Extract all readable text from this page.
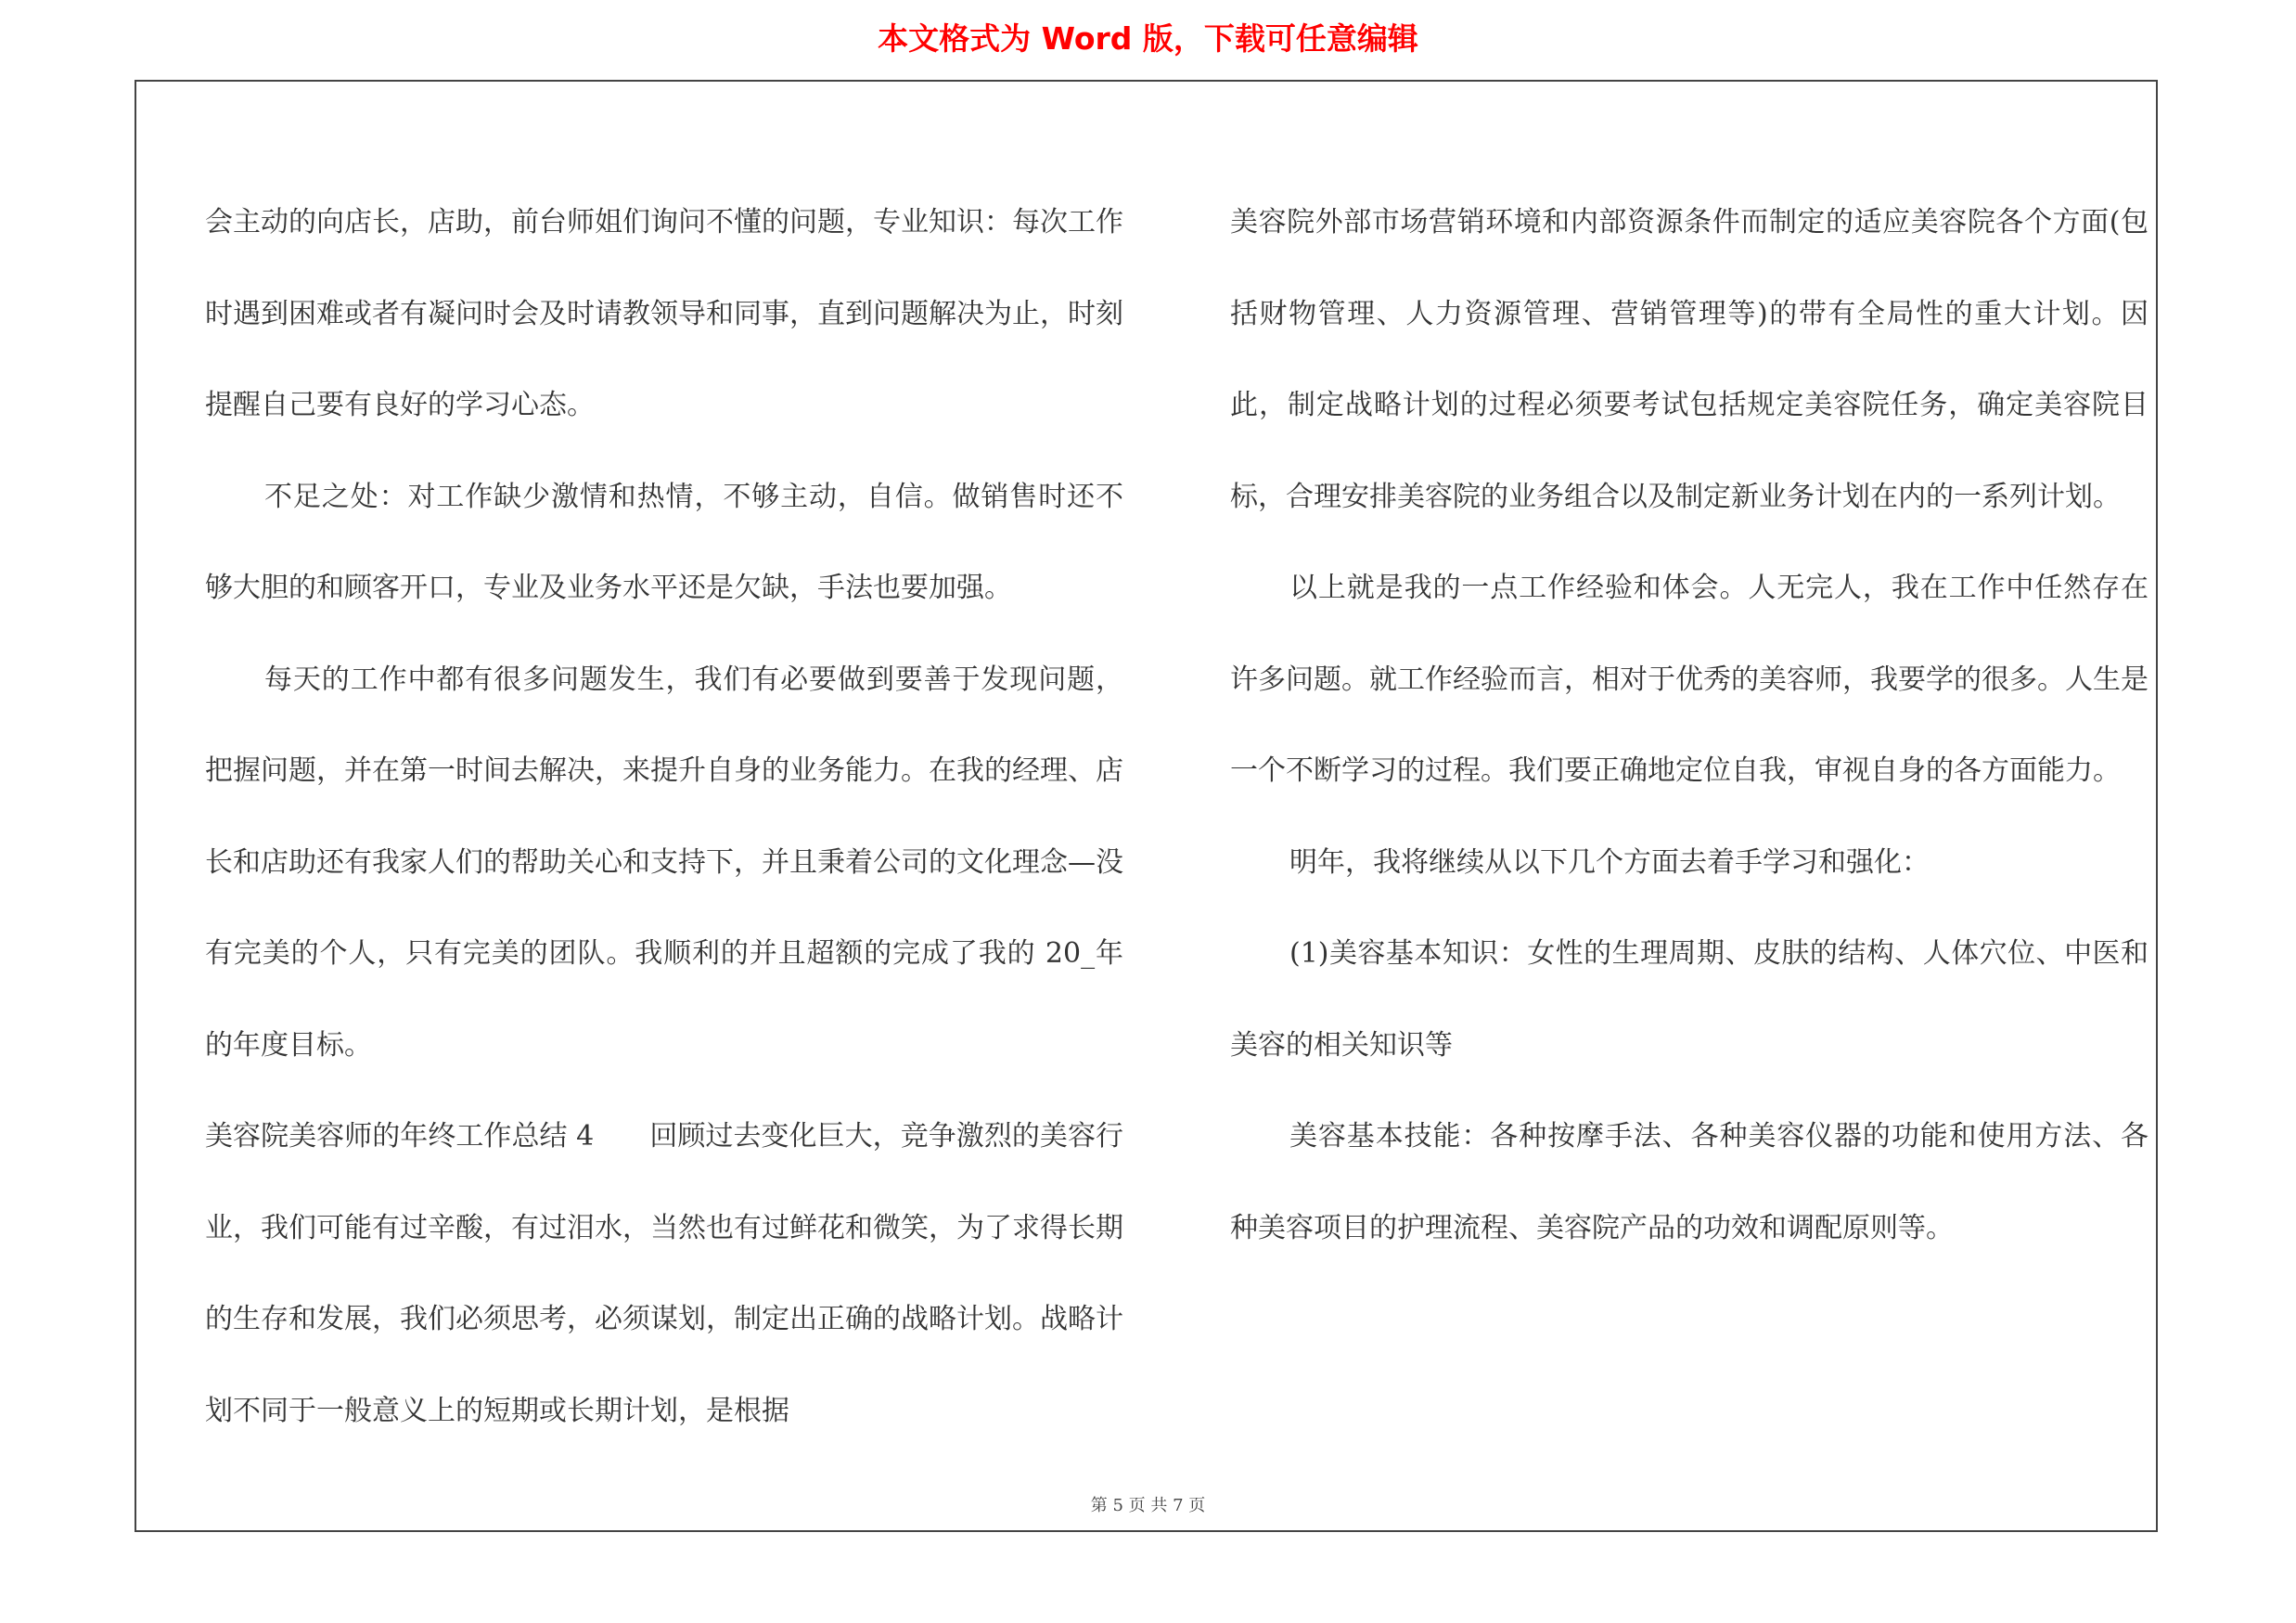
本文格式为 Word 版，下载可任意编辑

会主动的向店长，店助，前台师姐们询问不懂的问题，专业知识：每次工作时遇到困难或者有凝问时会及时请教领导和同事，直到问题解决为止，时刻提醒自己要有良好的学习心态。

不足之处：对工作缺少激情和热情，不够主动，自信。做销售时还不够大胆的和顾客开口，专业及业务水平还是欠缺，手法也要加强。

每天的工作中都有很多问题发生，我们有必要做到要善于发现问题，把握问题，并在第一时间去解决，来提升自身的业务能力。在我的经理、店长和店助还有我家人们的帮助关心和支持下，并且秉着公司的文化理念—没有完美的个人，只有完美的团队。我顺利的并且超额的完成了我的 20_年的年度目标。

美容院美容师的年终工作总结 4　　回顾过去变化巨大，竞争激烈的美容行业，我们可能有过辛酸，有过泪水，当然也有过鲜花和微笑，为了求得长期的生存和发展，我们必须思考，必须谋划，制定出正确的战略计划。战略计划不同于一般意义上的短期或长期计划，是根据

美容院外部市场营销环境和内部资源条件而制定的适应美容院各个方面(包括财物管理、人力资源管理、营销管理等)的带有全局性的重大计划。因此，制定战略计划的过程必须要考试包括规定美容院任务，确定美容院目标，合理安排美容院的业务组合以及制定新业务计划在内的一系列计划。

以上就是我的一点工作经验和体会。人无完人，我在工作中任然存在许多问题。就工作经验而言，相对于优秀的美容师，我要学的很多。人生是一个不断学习的过程。我们要正确地定位自我，审视自身的各方面能力。

明年，我将继续从以下几个方面去着手学习和强化：

(1)美容基本知识：女性的生理周期、皮肤的结构、人体穴位、中医和美容的相关知识等

美容基本技能：各种按摩手法、各种美容仪器的功能和使用方法、各种美容项目的护理流程、美容院产品的功效和调配原则等。

第 5 页 共 7 页
